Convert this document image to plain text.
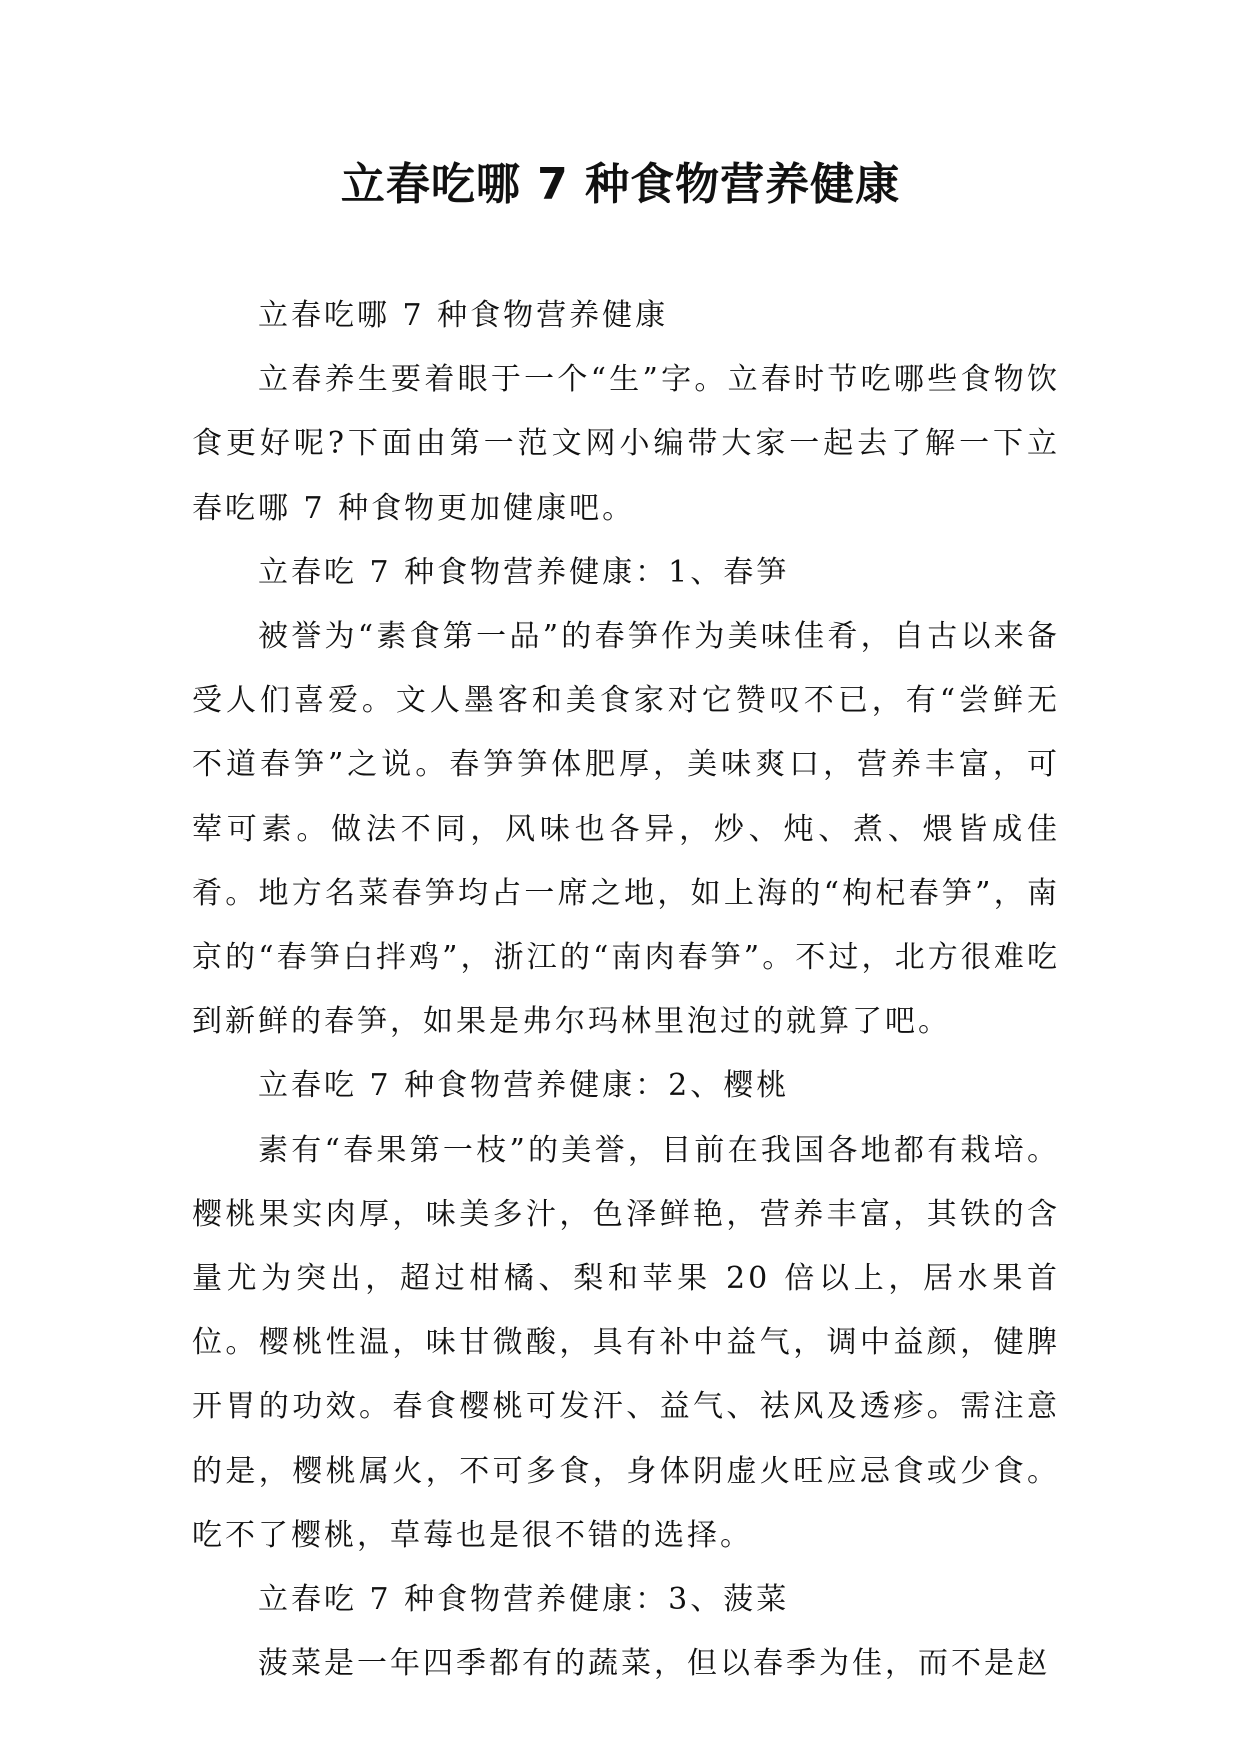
立春吃哪 7 种食物营养健康

立春吃哪 7 种食物营养健康

立春养生要着眼于一个“生”字。立春时节吃哪些食物饮食更好呢?下面由第一范文网小编带大家一起去了解一下立春吃哪 7 种食物更加健康吧。

立春吃 7 种食物营养健康：1、春笋

被誉为“素食第一品”的春笋作为美味佳肴，自古以来备受人们喜爱。文人墨客和美食家对它赞叹不已，有“尝鲜无不道春笋”之说。春笋笋体肥厚，美味爽口，营养丰富，可荤可素。做法不同，风味也各异，炒、炖、煮、煨皆成佳肴。地方名菜春笋均占一席之地，如上海的“枸杞春笋”，南京的“春笋白拌鸡”，浙江的“南肉春笋”。不过，北方很难吃到新鲜的春笋，如果是弗尔玛林里泡过的就算了吧。

立春吃 7 种食物营养健康：2、樱桃

素有“春果第一枝”的美誉，目前在我国各地都有栽培。樱桃果实肉厚，味美多汁，色泽鲜艳，营养丰富，其铁的含量尤为突出，超过柑橘、梨和苹果 20 倍以上，居水果首位。樱桃性温，味甘微酸，具有补中益气，调中益颜，健脾开胃的功效。春食樱桃可发汗、益气、祛风及透疹。需注意的是，樱桃属火，不可多食，身体阴虚火旺应忌食或少食。吃不了樱桃，草莓也是很不错的选择。

立春吃 7 种食物营养健康：3、菠菜

菠菜是一年四季都有的蔬菜，但以春季为佳，而不是赵
